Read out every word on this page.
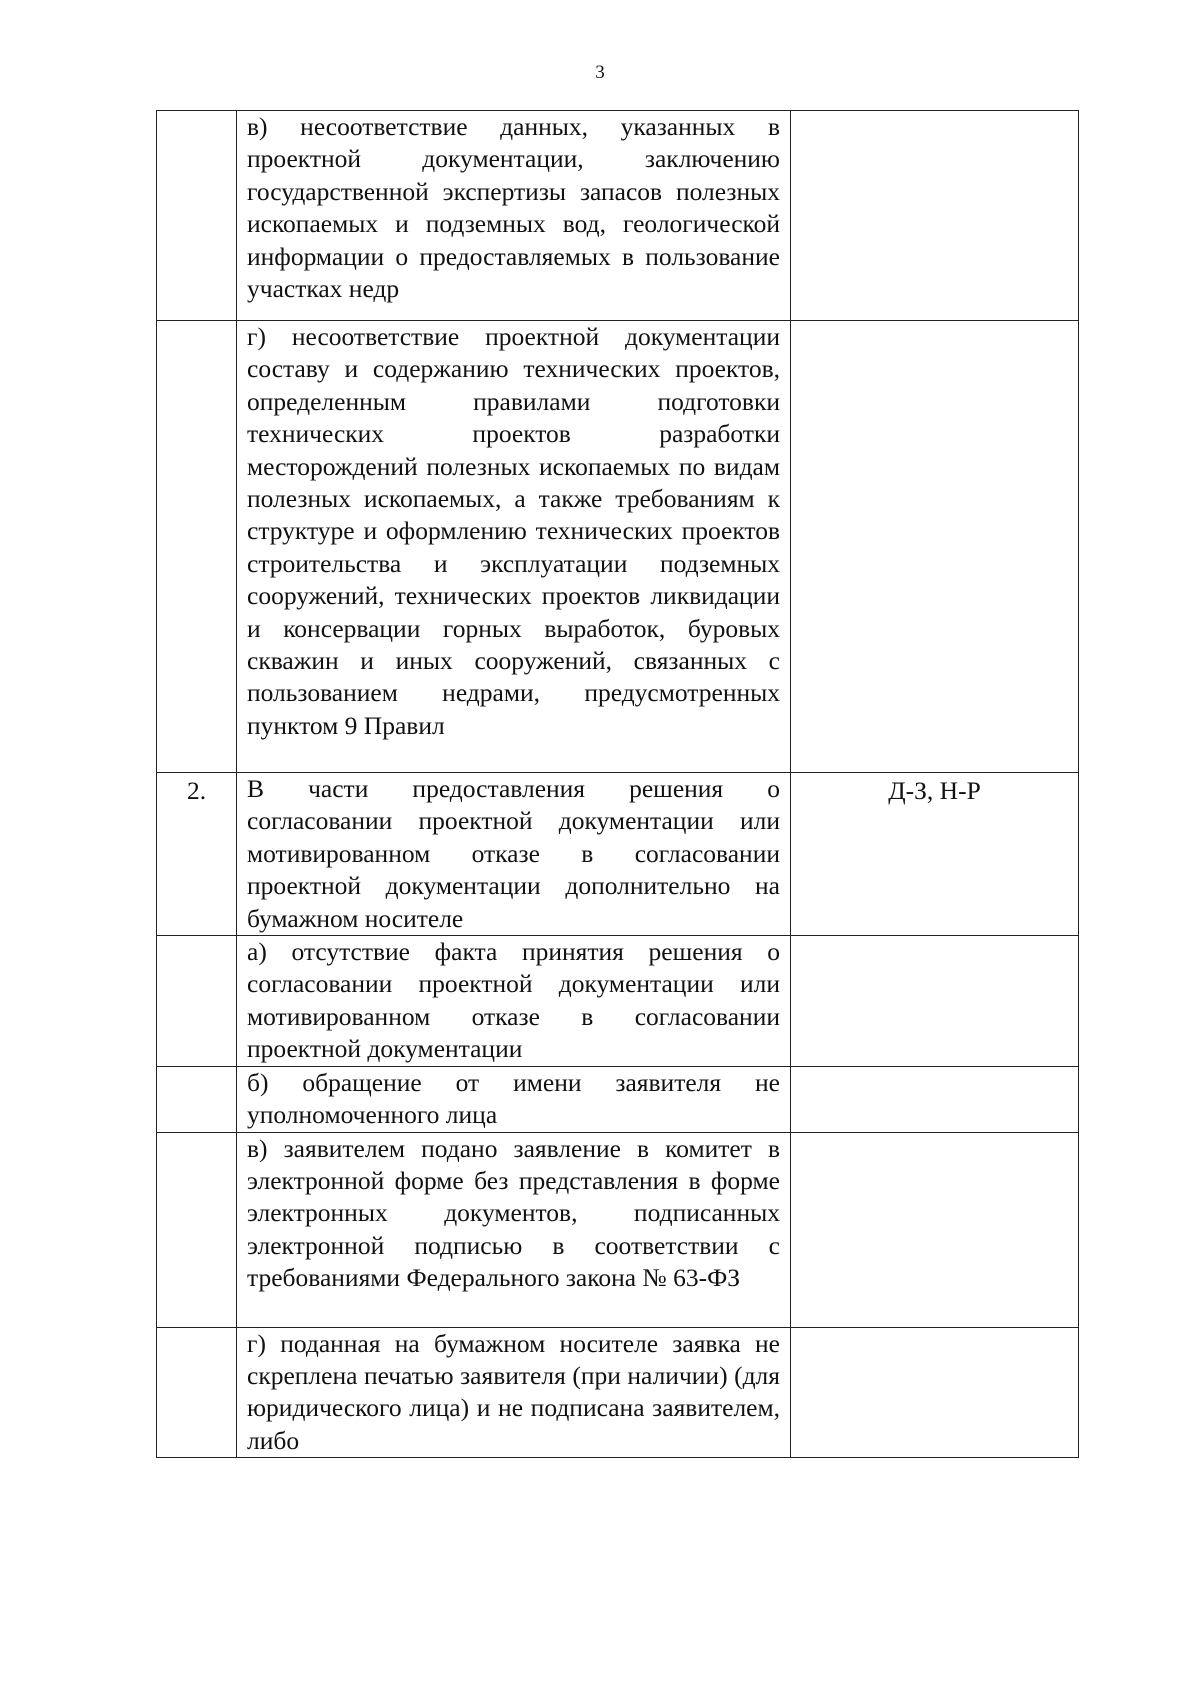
3

	в) несоответствие данных, указанных в проектной документации, заключению государственной экспертизы запасов полезных ископаемых и подземных вод, геологической информации о предоставляемых в пользование участках недр	

	г) несоответствие проектной документации составу и содержанию технических проектов, определенным правилами подготовки технических проектов разработки месторождений полезных ископаемых по видам полезных ископаемых, а также требованиям к структуре и оформлению технических проектов строительства и эксплуатации подземных сооружений, технических проектов ликвидации и консервации горных выработок, буровых скважин и иных сооружений, связанных с пользованием недрами, предусмотренных пунктом 9 Правил	

2.	В части предоставления решения о согласовании проектной документации или мотивированном отказе в согласовании проектной документации дополнительно на бумажном носителе	Д-З, Н-Р

	а) отсутствие факта принятия решения о согласовании проектной документации или мотивированном отказе в согласовании проектной документации	

	б) обращение от имени заявителя не уполномоченного лица	

	в) заявителем подано заявление в комитет в электронной форме без представления в форме электронных документов, подписанных электронной подписью в соответствии с требованиями Федерального закона № 63-ФЗ	

	г) поданная на бумажном носителе заявка не скреплена печатью заявителя (при наличии) (для юридического лица) и не подписана заявителем, либо	
